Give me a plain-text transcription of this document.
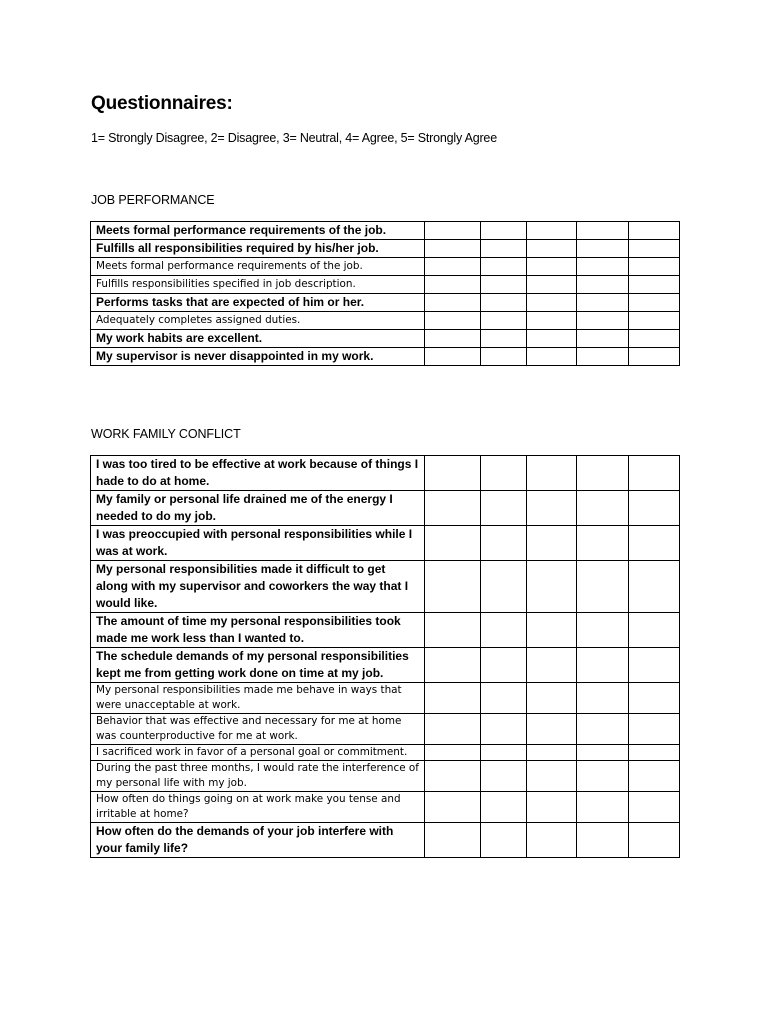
Questionnaires:

1= Strongly Disagree, 2= Disagree, 3= Neutral, 4= Agree, 5= Strongly Agree

JOB PERFORMANCE
Meets formal performance requirements of the job.					
Fulfills all responsibilities required by his/her job.					
Meets formal performance requirements of the job.					
Fulfills responsibilities specified in job description.					
Performs tasks that are expected of him or her.					
Adequately completes assigned duties.					
My work habits are excellent.					
My supervisor is never disappointed in my work.					
WORK FAMILY CONFLICT
I was too tired to be effective at work because of things I hade to do at home.					
My family or personal life drained me of the energy I needed to do my job.					
I was preoccupied with personal responsibilities while I was at work.					
My personal responsibilities made it difficult to get along with my supervisor and coworkers the way that I would like.					
The amount of time my personal responsibilities took made me work less than I wanted to.					
The schedule demands of my personal responsibilities kept me from getting work done on time at my job.					
My personal responsibilities made me behave in ways that were unacceptable at work.					
Behavior that was effective and necessary for me at home was counterproductive for me at work.					
I sacrificed work in favor of a personal goal or commitment.					
During the past three months, I would rate the interference of my personal life with my job.					
How often do things going on at work make you tense and irritable at home?					
How often do the demands of your job interfere with your family life?					
